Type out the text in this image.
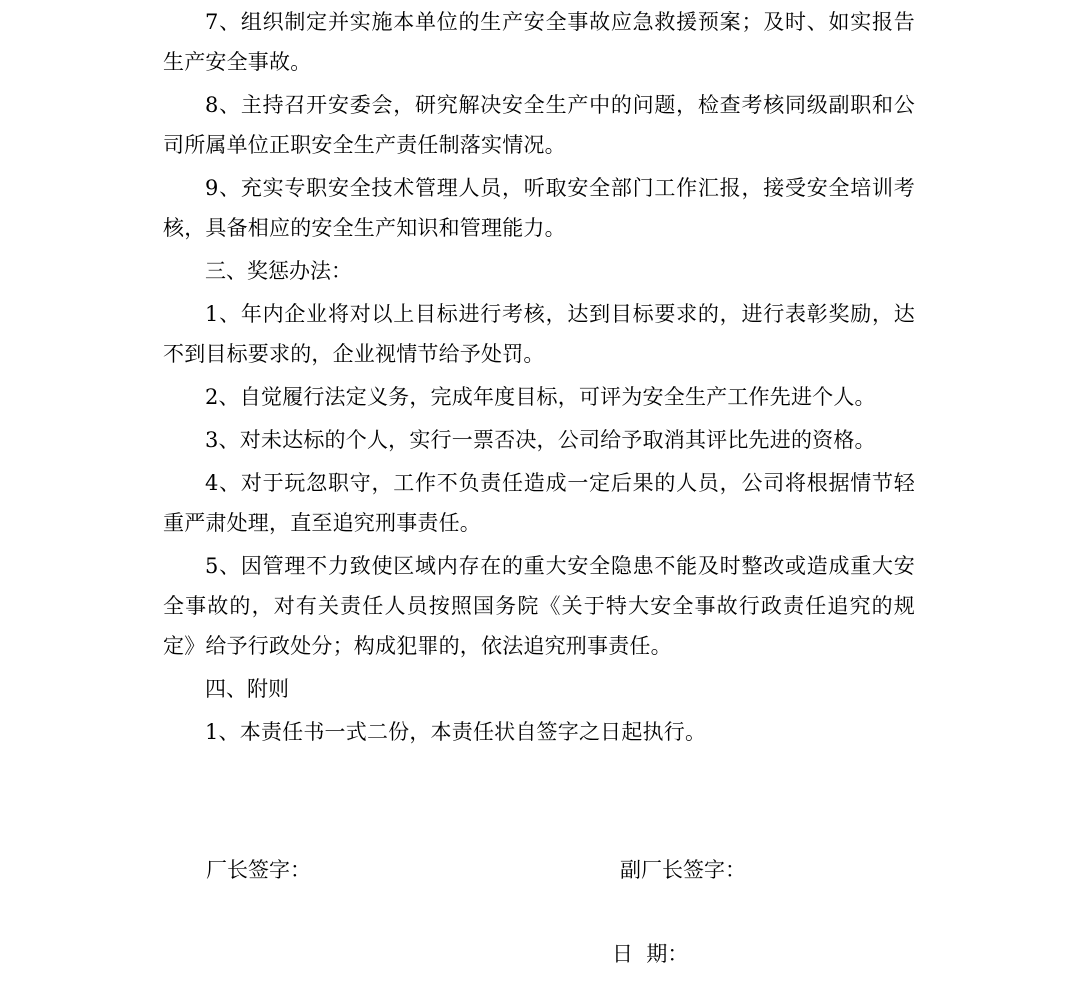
7、组织制定并实施本单位的生产安全事故应急救援预案；及时、如实报告生产安全事故。

8、主持召开安委会，研究解决安全生产中的问题，检查考核同级副职和公司所属单位正职安全生产责任制落实情况。

9、充实专职安全技术管理人员，听取安全部门工作汇报，接受安全培训考核，具备相应的安全生产知识和管理能力。

三、奖惩办法：

1、年内企业将对以上目标进行考核，达到目标要求的，进行表彰奖励，达不到目标要求的，企业视情节给予处罚。

2、自觉履行法定义务，完成年度目标，可评为安全生产工作先进个人。

3、对未达标的个人，实行一票否决，公司给予取消其评比先进的资格。

4、对于玩忽职守，工作不负责任造成一定后果的人员，公司将根据情节轻重严肃处理，直至追究刑事责任。

5、因管理不力致使区域内存在的重大安全隐患不能及时整改或造成重大安全事故的，对有关责任人员按照国务院《关于特大安全事故行政责任追究的规定》给予行政处分；构成犯罪的，依法追究刑事责任。

四、附则

1、本责任书一式二份，本责任状自签字之日起执行。

厂长签字：	副厂长签字：
日  期：
